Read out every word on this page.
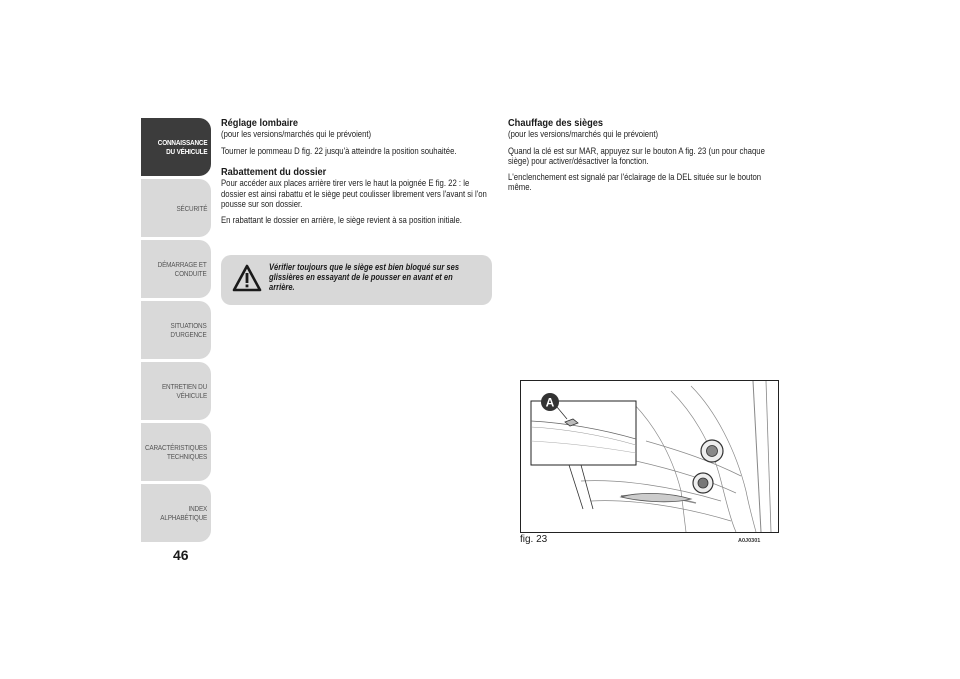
CONNAISSANCE
DU VÉHICULE
SÉCURITÉ
DÉMARRAGE ET
CONDUITE
SITUATIONS
D'URGENCE
ENTRETIEN DU
VÉHICULE
CARACTÉRISTIQUES
TECHNIQUES
INDEX
ALPHABÉTIQUE
46
Réglage lombaire

(pour les versions/marchés qui le prévoient)

Tourner le pommeau D fig. 22 jusqu'à atteindre la position souhaitée.

Rabattement du dossier

Pour accéder aux places arrière tirer vers le haut la poignée E fig. 22 : le dossier est ainsi rabattu et le siège peut coulisser librement vers l'avant si l'on pousse sur son dossier.

En rabattant le dossier en arrière, le siège revient à sa position initiale.

Vérifier toujours que le siège est bien bloqué sur ses glissières en essayant de le pousser en avant et en arrière.
Chauffage des sièges

(pour les versions/marchés qui le prévoient)

Quand la clé est sur MAR, appuyez sur le bouton A fig. 23 (un pour chaque siège) pour activer/désactiver la fonction.

L'enclenchement est signalé par l'éclairage de la DEL située sur le bouton même.

A
fig. 23	A0J0301
